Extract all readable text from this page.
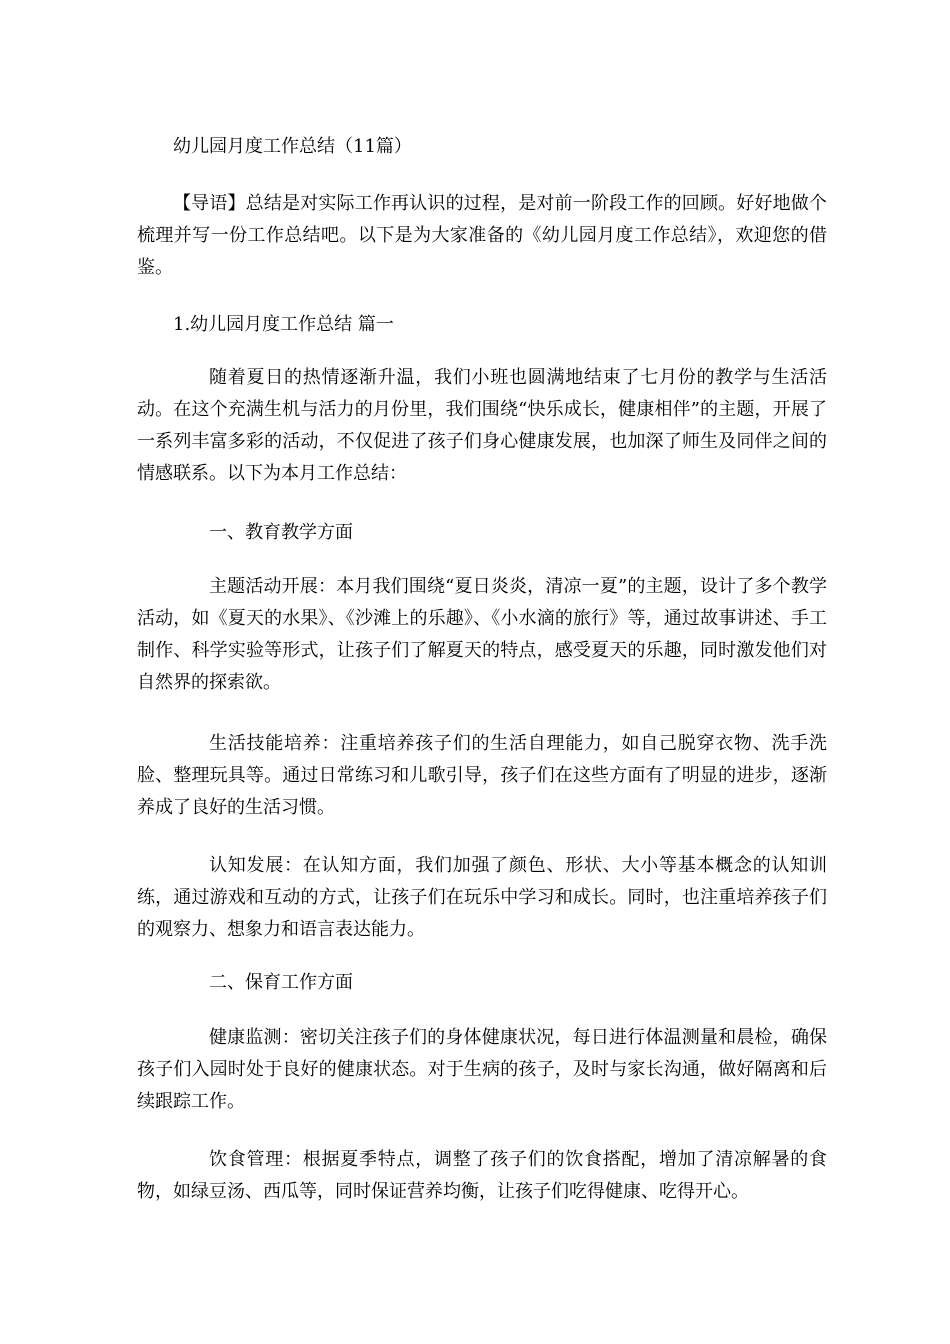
幼儿园月度工作总结（11篇）

【导语】总结是对实际工作再认识的过程，是对前一阶段工作的回顾。好好地做个梳理并写一份工作总结吧。以下是为大家准备的《幼儿园月度工作总结》，欢迎您的借鉴。

1.幼儿园月度工作总结 篇一

随着夏日的热情逐渐升温，我们小班也圆满地结束了七月份的教学与生活活动。在这个充满生机与活力的月份里，我们围绕“快乐成长，健康相伴”的主题，开展了一系列丰富多彩的活动，不仅促进了孩子们身心健康发展，也加深了师生及同伴之间的情感联系。以下为本月工作总结：

一、教育教学方面

主题活动开展：本月我们围绕“夏日炎炎，清凉一夏”的主题，设计了多个教学活动，如《夏天的水果》、《沙滩上的乐趣》、《小水滴的旅行》等，通过故事讲述、手工制作、科学实验等形式，让孩子们了解夏天的特点，感受夏天的乐趣，同时激发他们对自然界的探索欲。

生活技能培养：注重培养孩子们的生活自理能力，如自己脱穿衣物、洗手洗脸、整理玩具等。通过日常练习和儿歌引导，孩子们在这些方面有了明显的进步，逐渐养成了良好的生活习惯。

认知发展：在认知方面，我们加强了颜色、形状、大小等基本概念的认知训练，通过游戏和互动的方式，让孩子们在玩乐中学习和成长。同时，也注重培养孩子们的观察力、想象力和语言表达能力。

二、保育工作方面

健康监测：密切关注孩子们的身体健康状况，每日进行体温测量和晨检，确保孩子们入园时处于良好的健康状态。对于生病的孩子，及时与家长沟通，做好隔离和后续跟踪工作。

饮食管理：根据夏季特点，调整了孩子们的饮食搭配，增加了清凉解暑的食物，如绿豆汤、西瓜等，同时保证营养均衡，让孩子们吃得健康、吃得开心。
